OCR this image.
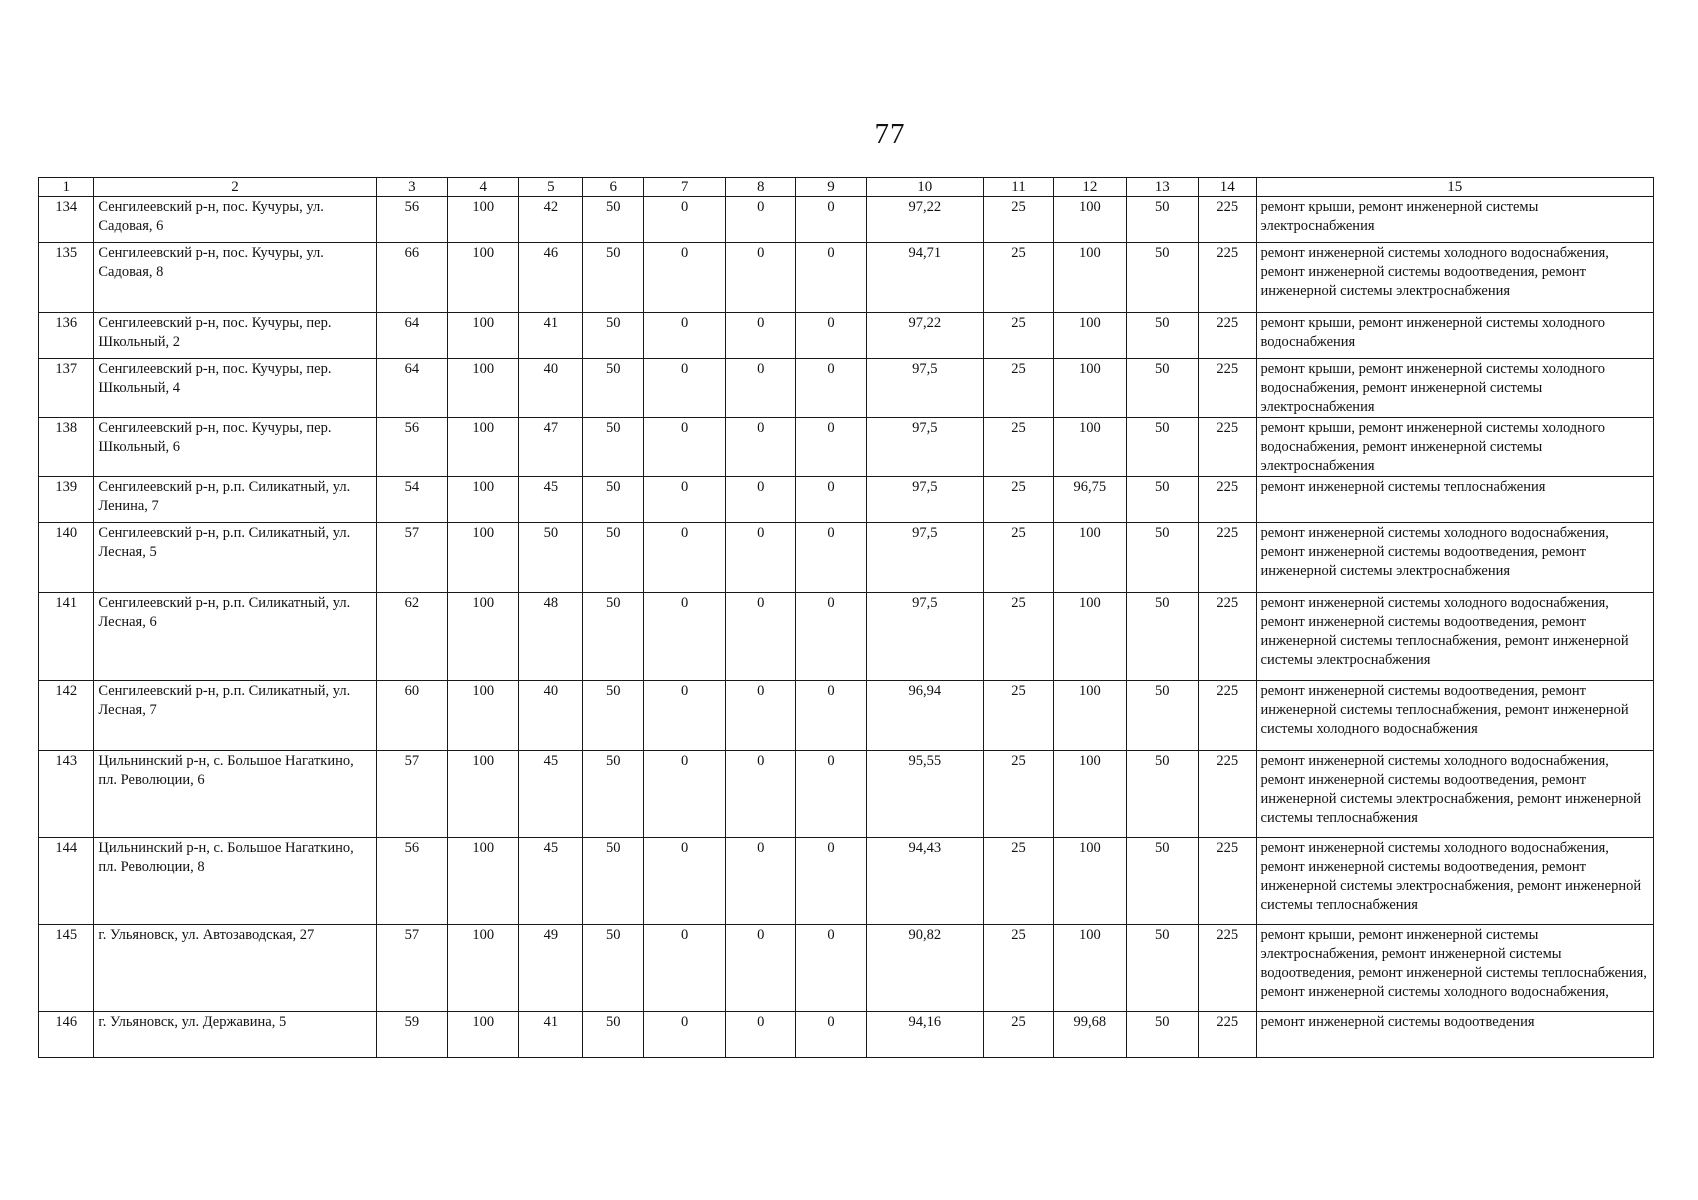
77
1	2	3	4	5	6	7	8	9	10	11	12	13	14	15
134	Сенгилеевский р-н, пос. Кучуры, ул. Садовая, 6	56	100	42	50	0	0	0	97,22	25	100	50	225	ремонт крыши, ремонт инженерной системы электроснабжения
135	Сенгилеевский р-н, пос. Кучуры, ул. Садовая, 8	66	100	46	50	0	0	0	94,71	25	100	50	225	ремонт инженерной системы холодного водоснабжения, ремонт инженерной системы водоотведения, ремонт инженерной системы электроснабжения
136	Сенгилеевский р-н, пос. Кучуры, пер. Школьный, 2	64	100	41	50	0	0	0	97,22	25	100	50	225	ремонт крыши, ремонт инженерной системы холодного водоснабжения
137	Сенгилеевский р-н, пос. Кучуры, пер. Школьный, 4	64	100	40	50	0	0	0	97,5	25	100	50	225	ремонт крыши, ремонт инженерной системы холодного водоснабжения, ремонт инженерной системы электроснабжения
138	Сенгилеевский р-н, пос. Кучуры, пер. Школьный, 6	56	100	47	50	0	0	0	97,5	25	100	50	225	ремонт крыши, ремонт инженерной системы холодного водоснабжения, ремонт инженерной системы электроснабжения
139	Сенгилеевский р-н, р.п. Силикатный, ул. Ленина, 7	54	100	45	50	0	0	0	97,5	25	96,75	50	225	ремонт инженерной системы теплоснабжения
140	Сенгилеевский р-н, р.п. Силикатный, ул. Лесная, 5	57	100	50	50	0	0	0	97,5	25	100	50	225	ремонт инженерной системы холодного водоснабжения, ремонт инженерной системы водоотведения, ремонт инженерной системы электроснабжения
141	Сенгилеевский р-н, р.п. Силикатный, ул. Лесная, 6	62	100	48	50	0	0	0	97,5	25	100	50	225	ремонт инженерной системы холодного водоснабжения, ремонт инженерной системы водоотведения, ремонт инженерной системы теплоснабжения, ремонт инженерной системы электроснабжения
142	Сенгилеевский р-н, р.п. Силикатный, ул. Лесная, 7	60	100	40	50	0	0	0	96,94	25	100	50	225	ремонт инженерной системы водоотведения, ремонт инженерной системы теплоснабжения, ремонт инженерной системы холодного водоснабжения
143	Цильнинский р-н, с. Большое Нагаткино, пл. Революции, 6	57	100	45	50	0	0	0	95,55	25	100	50	225	ремонт инженерной системы холодного водоснабжения, ремонт инженерной системы водоотведения, ремонт инженерной системы электроснабжения, ремонт инженерной системы теплоснабжения
144	Цильнинский р-н, с. Большое Нагаткино, пл. Революции, 8	56	100	45	50	0	0	0	94,43	25	100	50	225	ремонт инженерной системы холодного водоснабжения, ремонт инженерной системы водоотведения, ремонт инженерной системы электроснабжения, ремонт инженерной системы теплоснабжения
145	г. Ульяновск, ул. Автозаводская, 27	57	100	49	50	0	0	0	90,82	25	100	50	225	ремонт крыши, ремонт инженерной системы электроснабжения, ремонт инженерной системы водоотведения, ремонт инженерной системы теплоснабжения, ремонт инженерной системы холодного водоснабжения,
146	г. Ульяновск, ул. Державина, 5	59	100	41	50	0	0	0	94,16	25	99,68	50	225	ремонт инженерной системы водоотведения
